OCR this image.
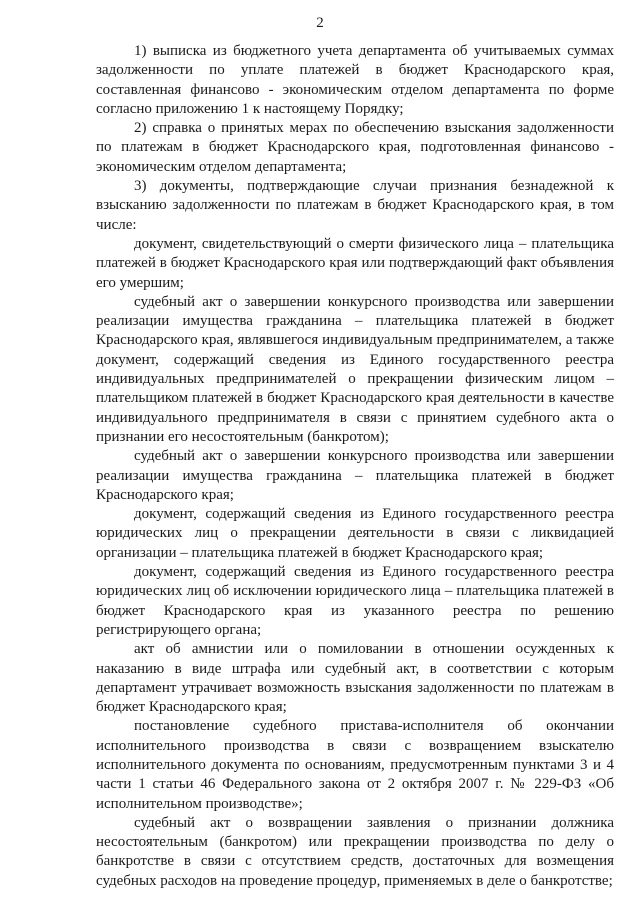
2

1) выписка из бюджетного учета департамента об учитываемых суммах задолженности по уплате платежей в бюджет Краснодарского края, составленная финансово - экономическим отделом департамента по форме согласно приложению 1 к настоящему Порядку;

2) справка о принятых мерах по обеспечению взыскания задолженности по платежам в бюджет Краснодарского края, подготовленная финансово - экономическим отделом департамента;

3) документы, подтверждающие случаи признания безнадежной к взысканию задолженности по платежам в бюджет Краснодарского края, в том числе:

документ, свидетельствующий о смерти физического лица – плательщика платежей в бюджет Краснодарского края или подтверждающий факт объявления его умершим;

судебный акт о завершении конкурсного производства или завершении реализации имущества гражданина – плательщика платежей в бюджет Краснодарского края, являвшегося индивидуальным предпринимателем, а также документ, содержащий сведения из Единого государственного реестра индивидуальных предпринимателей о прекращении физическим лицом – плательщиком платежей в бюджет Краснодарского края деятельности в качестве индивидуального предпринимателя в связи с принятием судебного акта о признании его несостоятельным (банкротом);

судебный акт о завершении конкурсного производства или завершении реализации имущества гражданина – плательщика платежей в бюджет Краснодарского края;

документ, содержащий сведения из Единого государственного реестра юридических лиц о прекращении деятельности в связи с ликвидацией организации – плательщика платежей в бюджет Краснодарского края;

документ, содержащий сведения из Единого государственного реестра юридических лиц об исключении юридического лица – плательщика платежей в бюджет Краснодарского края из указанного реестра по решению регистрирующего органа;

акт об амнистии или о помиловании в отношении осужденных к наказанию в виде штрафа или судебный акт, в соответствии с которым департамент утрачивает возможность взыскания задолженности по платежам в бюджет Краснодарского края;

постановление судебного пристава-исполнителя об окончании исполнительного производства в связи с возвращением взыскателю исполнительного документа по основаниям, предусмотренным пунктами 3 и 4 части 1 статьи 46 Федерального закона от 2 октября 2007 г. № 229-ФЗ «Об исполнительном производстве»;

судебный акт о возвращении заявления о признании должника несостоятельным (банкротом) или прекращении производства по делу о банкротстве в связи с отсутствием средств, достаточных для возмещения судебных расходов на проведение процедур, применяемых в деле о банкротстве;
